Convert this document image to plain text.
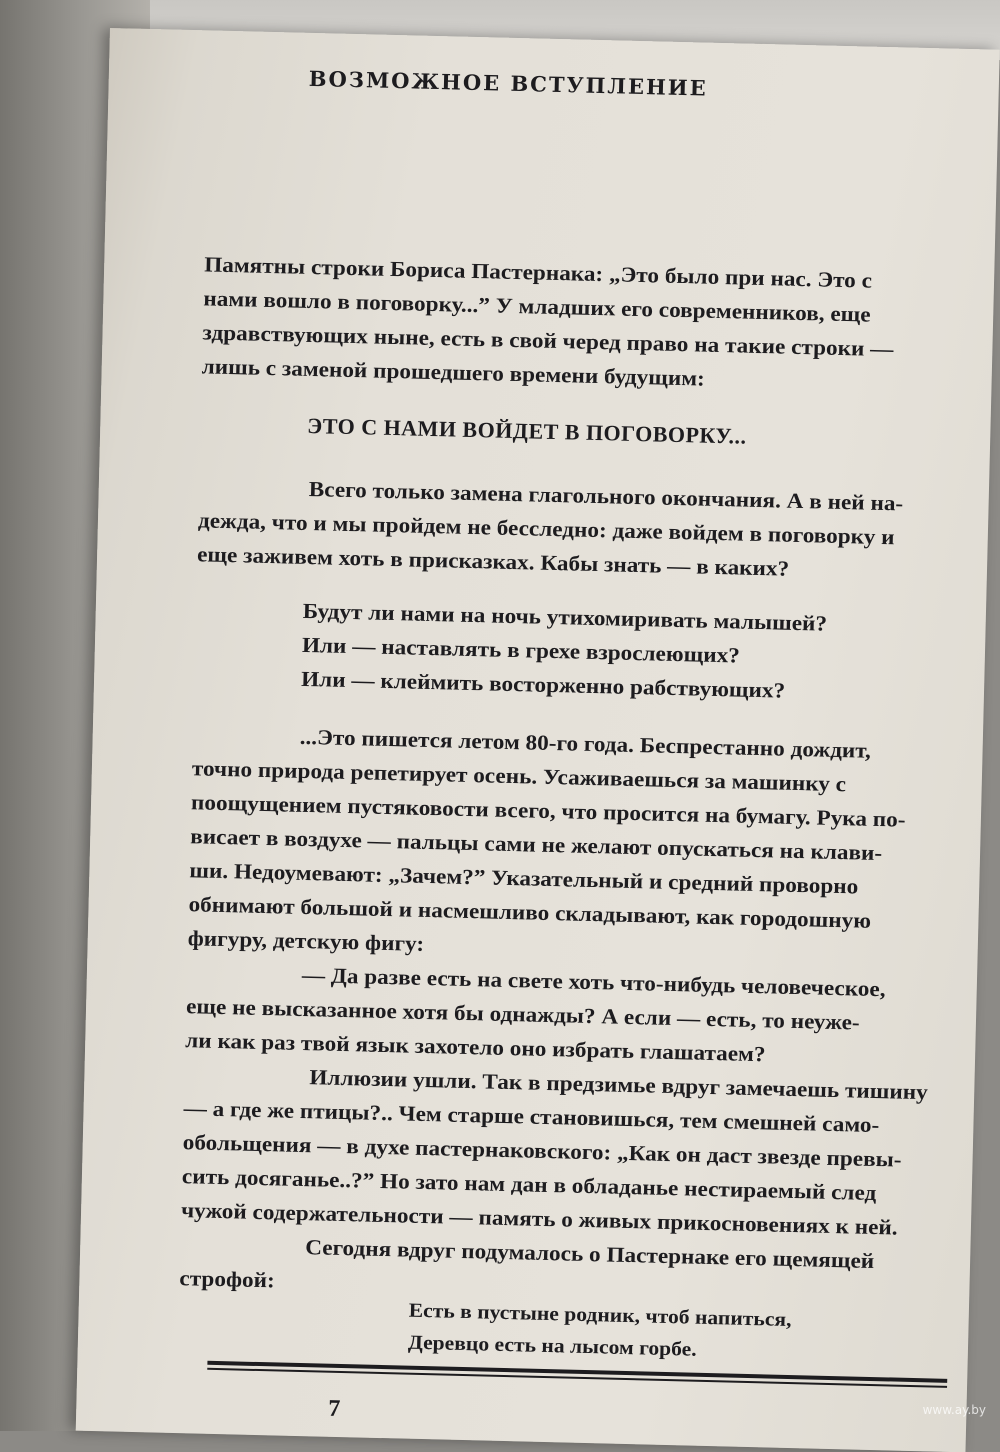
ВОЗМОЖНОЕ ВСТУПЛЕНИЕ
Памятны строки Бориса Пастернака: „Это было при нас. Это с
нами вошло в поговорку...” У младших его современников, еще
здравствующих ныне, есть в свой черед право на такие строки —
лишь с заменой прошедшего времени будущим:
ЭТО С НАМИ ВОЙДЕТ В ПОГОВОРКУ...
Всего только замена глагольного окончания. А в ней на-
дежда, что и мы пройдем не бесследно: даже войдем в поговорку и
еще заживем хоть в присказках. Кабы знать — в каких?
Будут ли нами на ночь утихомиривать малышей?
Или — наставлять в грехе взрослеющих?
Или — клеймить восторженно рабствующих?
...Это пишется летом 80-го года. Беспрестанно дождит,
точно природа репетирует осень. Усаживаешься за машинку с
поощущением пустяковости всего, что просится на бумагу. Рука по-
висает в воздухе — пальцы сами не желают опускаться на клави-
ши. Недоумевают: „Зачем?” Указательный и средний проворно
обнимают большой и насмешливо складывают, как городошную
фигуру, детскую фигу:
— Да разве есть на свете хоть что-нибудь человеческое,
еще не высказанное хотя бы однажды? А если — есть, то неуже-
ли как раз твой язык захотело оно избрать глашатаем?
Иллюзии ушли. Так в предзимье вдруг замечаешь тишину
— а где же птицы?.. Чем старше становишься, тем смешней само-
обольщения — в духе пастернаковского: „Как он даст звезде превы-
сить досяганье..?” Но зато нам дан в обладанье нестираемый след
чужой содержательности — память о живых прикосновениях к ней.
Сегодня вдруг подумалось о Пастернаке его щемящей
строфой:
Есть в пустыне родник, чтоб напиться,
Деревцо есть на лысом горбе.
7	www.ay.by
